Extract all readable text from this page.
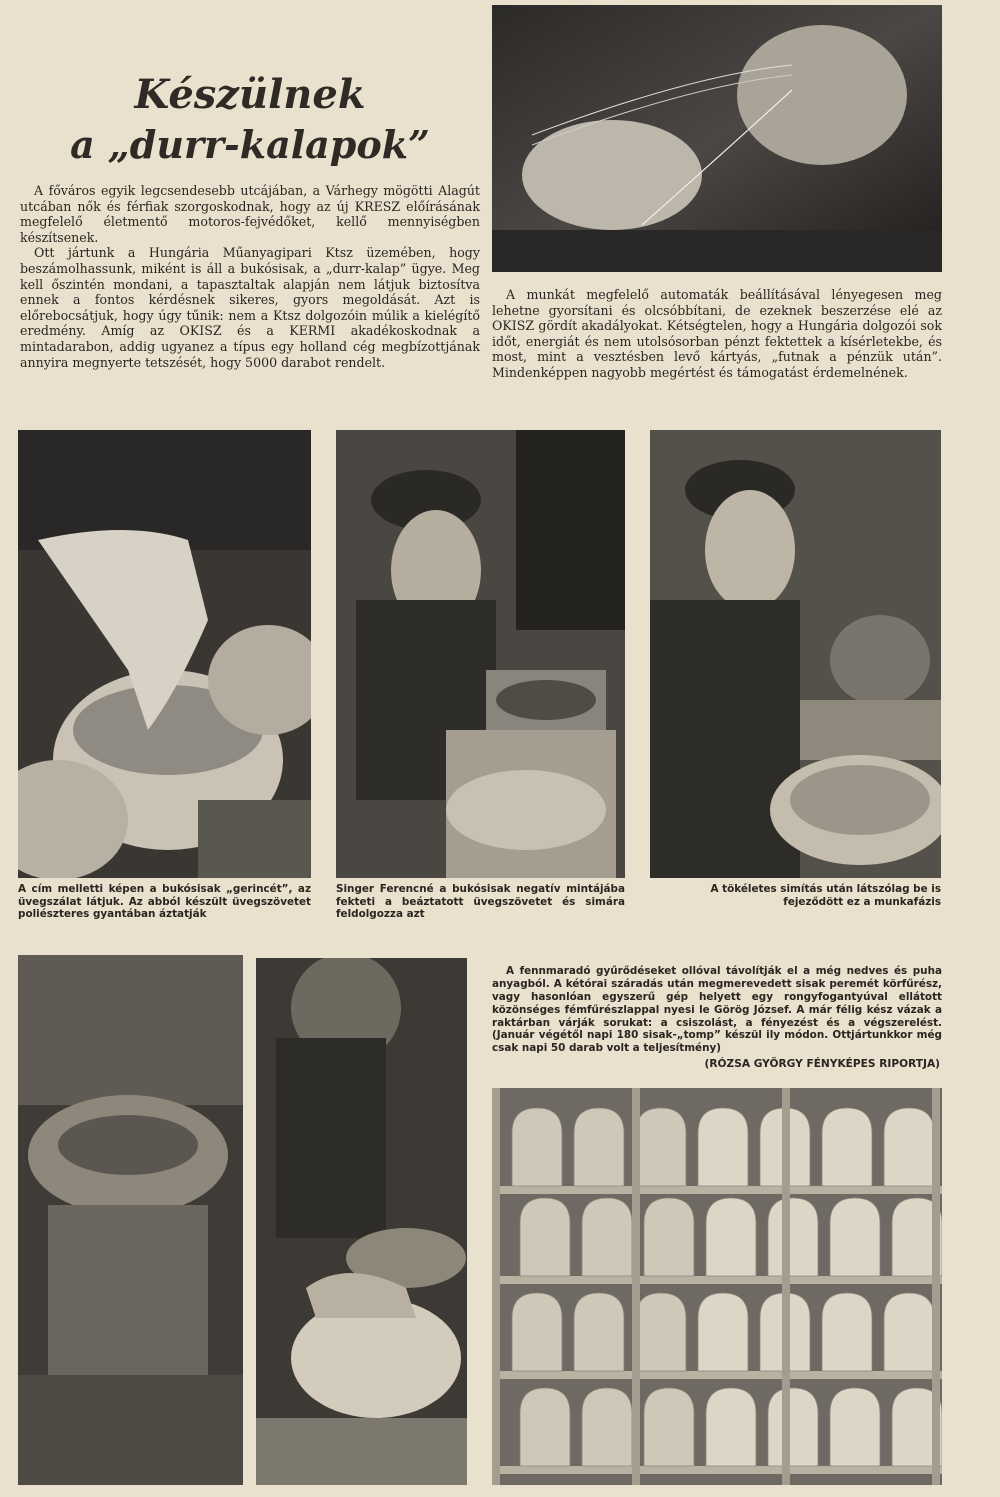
Készülnek
a „durr-kalapok”

A főváros egyik legcsendesebb utcájában, a Várhegy mögötti Alagút utcában nők és férfiak szorgoskodnak, hogy az új KRESZ előírásának megfelelő életmentő motoros-fejvédőket, kellő mennyiségben készítsenek.

Ott jártunk a Hungária Műanyagipari Ktsz üzemében, hogy beszámolhassunk, miként is áll a bukósisak, a „durr-kalap” ügye. Meg kell őszintén mondani, a tapasztaltak alapján nem látjuk biztosítva ennek a fontos kérdésnek sikeres, gyors megoldását. Azt is előrebocsátjuk, hogy úgy tűnik: nem a Ktsz dolgozóin múlik a kielégítő eredmény. Amíg az OKISZ és a KERMI akadékoskodnak a mintadarabon, addig ugyanez a típus egy holland cég megbízottjának annyira megnyerte tetszését, hogy 5000 darabot rendelt.

A munkát megfelelő automaták beállításával lényegesen meg lehetne gyorsítani és olcsóbbítani, de ezeknek beszerzése elé az OKISZ gördít akadályokat. Kétségtelen, hogy a Hungária dolgozói sok időt, energiát és nem utolsósorban pénzt fektettek a kísérletekbe, és most, mint a vesztésben levő kártyás, „futnak a pénzük után”. Mindenképpen nagyobb megértést és támogatást érdemelnének.

A cím melletti képen a bukósisak „gerincét”, az üvegszálat látjuk. Az abból készült üvegszövetet poliészteres gyantában áztatják
Singer Ferencné a bukósisak negatív mintájába fekteti a beáztatott üvegszövetet és simára feldolgozza azt
A tökéletes simítás után látszólag be is fejeződött ez a munkafázis

A fennmaradó gyűrődéseket ollóval távolítják el a még nedves és puha anyagból. A kétórai száradás után megmerevedett sisak peremét körfűrész, vagy hasonlóan egyszerű gép helyett egy rongyfogantyúval ellátott közönséges fémfűrészlappal nyesi le Görög József. A már félig kész vázak a raktárban várják sorukat: a csiszolást, a fényezést és a végszerelést. (Január végétől napi 180 sisak-„tomp” készül ily módon. Ottjártunkkor még csak napi 50 darab volt a teljesítmény)

(RÓZSA GYÖRGY FÉNYKÉPES RIPORTJA)
